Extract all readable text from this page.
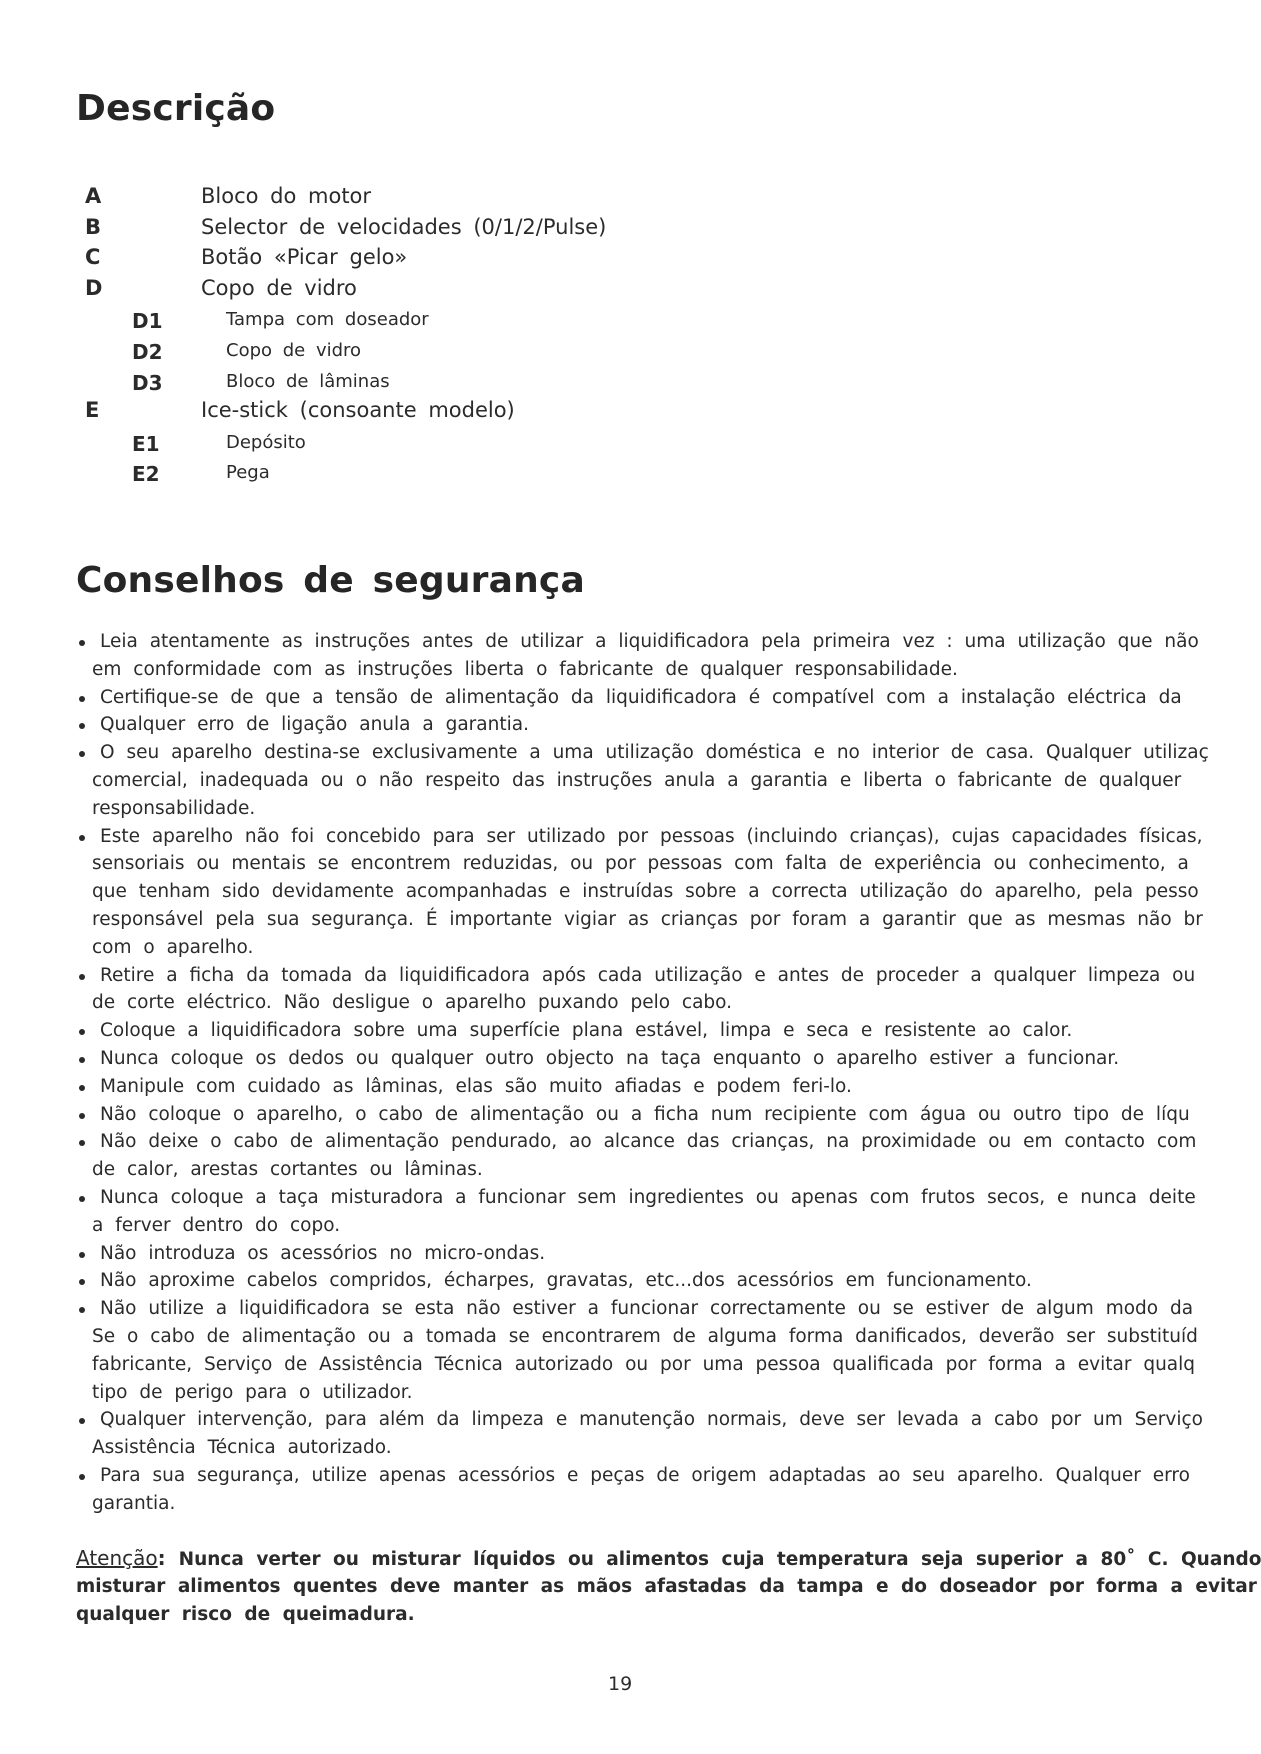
Descrição
A	Bloco do motor
B	Selector de velocidades (0/1/2/Pulse)
C	Botão «Picar gelo»
D	Copo de vidro
D1	Tampa com doseador
D2	Copo de vidro
D3	Bloco de lâminas
E	Ice-stick (consoante modelo)
E1	Depósito
E2	Pega
Conselhos de segurança
Leia atentamente as instruções antes de utilizar a liquidificadora pela primeira vez : uma utilização que não
em conformidade com as instruções liberta o fabricante de qualquer responsabilidade.
Certifique-se de que a tensão de alimentação da liquidificadora é compatível com a instalação eléctrica da
Qualquer erro de ligação anula a garantia.
O seu aparelho destina-se exclusivamente a uma utilização doméstica e no interior de casa. Qualquer utilizaç
comercial, inadequada ou o não respeito das instruções anula a garantia e liberta o fabricante de qualquer
responsabilidade.
Este aparelho não foi concebido para ser utilizado por pessoas (incluindo crianças), cujas capacidades físicas,
sensoriais ou mentais se encontrem reduzidas, ou por pessoas com falta de experiência ou conhecimento, a
que tenham sido devidamente acompanhadas e instruídas sobre a correcta utilização do aparelho, pela pesso
responsável pela sua segurança. É importante vigiar as crianças por foram a garantir que as mesmas não br
com o aparelho.
Retire a ficha da tomada da liquidificadora após cada utilização e antes de proceder a qualquer limpeza ou
de corte eléctrico. Não desligue o aparelho puxando pelo cabo.
Coloque a liquidificadora sobre uma superfície plana estável, limpa e seca e resistente ao calor.
Nunca coloque os dedos ou qualquer outro objecto na taça enquanto o aparelho estiver a funcionar.
Manipule com cuidado as lâminas, elas são muito afiadas e podem feri-lo.
Não coloque o aparelho, o cabo de alimentação ou a ficha num recipiente com água ou outro tipo de líqu
Não deixe o cabo de alimentação pendurado, ao alcance das crianças, na proximidade ou em contacto com
de calor, arestas cortantes ou lâminas.
Nunca coloque a taça misturadora a funcionar sem ingredientes ou apenas com frutos secos, e nunca deite
a ferver dentro do copo.
Não introduza os acessórios no micro-ondas.
Não aproxime cabelos compridos, écharpes, gravatas, etc...dos acessórios em funcionamento.
Não utilize a liquidificadora se esta não estiver a funcionar correctamente ou se estiver de algum modo da
Se o cabo de alimentação ou a tomada se encontrarem de alguma forma danificados, deverão ser substituíd
fabricante, Serviço de Assistência Técnica autorizado ou por uma pessoa qualificada por forma a evitar qualq
tipo de perigo para o utilizador.
Qualquer intervenção, para além da limpeza e manutenção normais, deve ser levada a cabo por um Serviço
Assistência Técnica autorizado.
Para sua segurança, utilize apenas acessórios e peças de origem adaptadas ao seu aparelho. Qualquer erro
garantia.
Atenção: Nunca verter ou misturar líquidos ou alimentos cuja temperatura seja superior a 80˚ C. Quando
misturar alimentos quentes deve manter as mãos afastadas da tampa e do doseador por forma a evitar
qualquer risco de queimadura.
19
